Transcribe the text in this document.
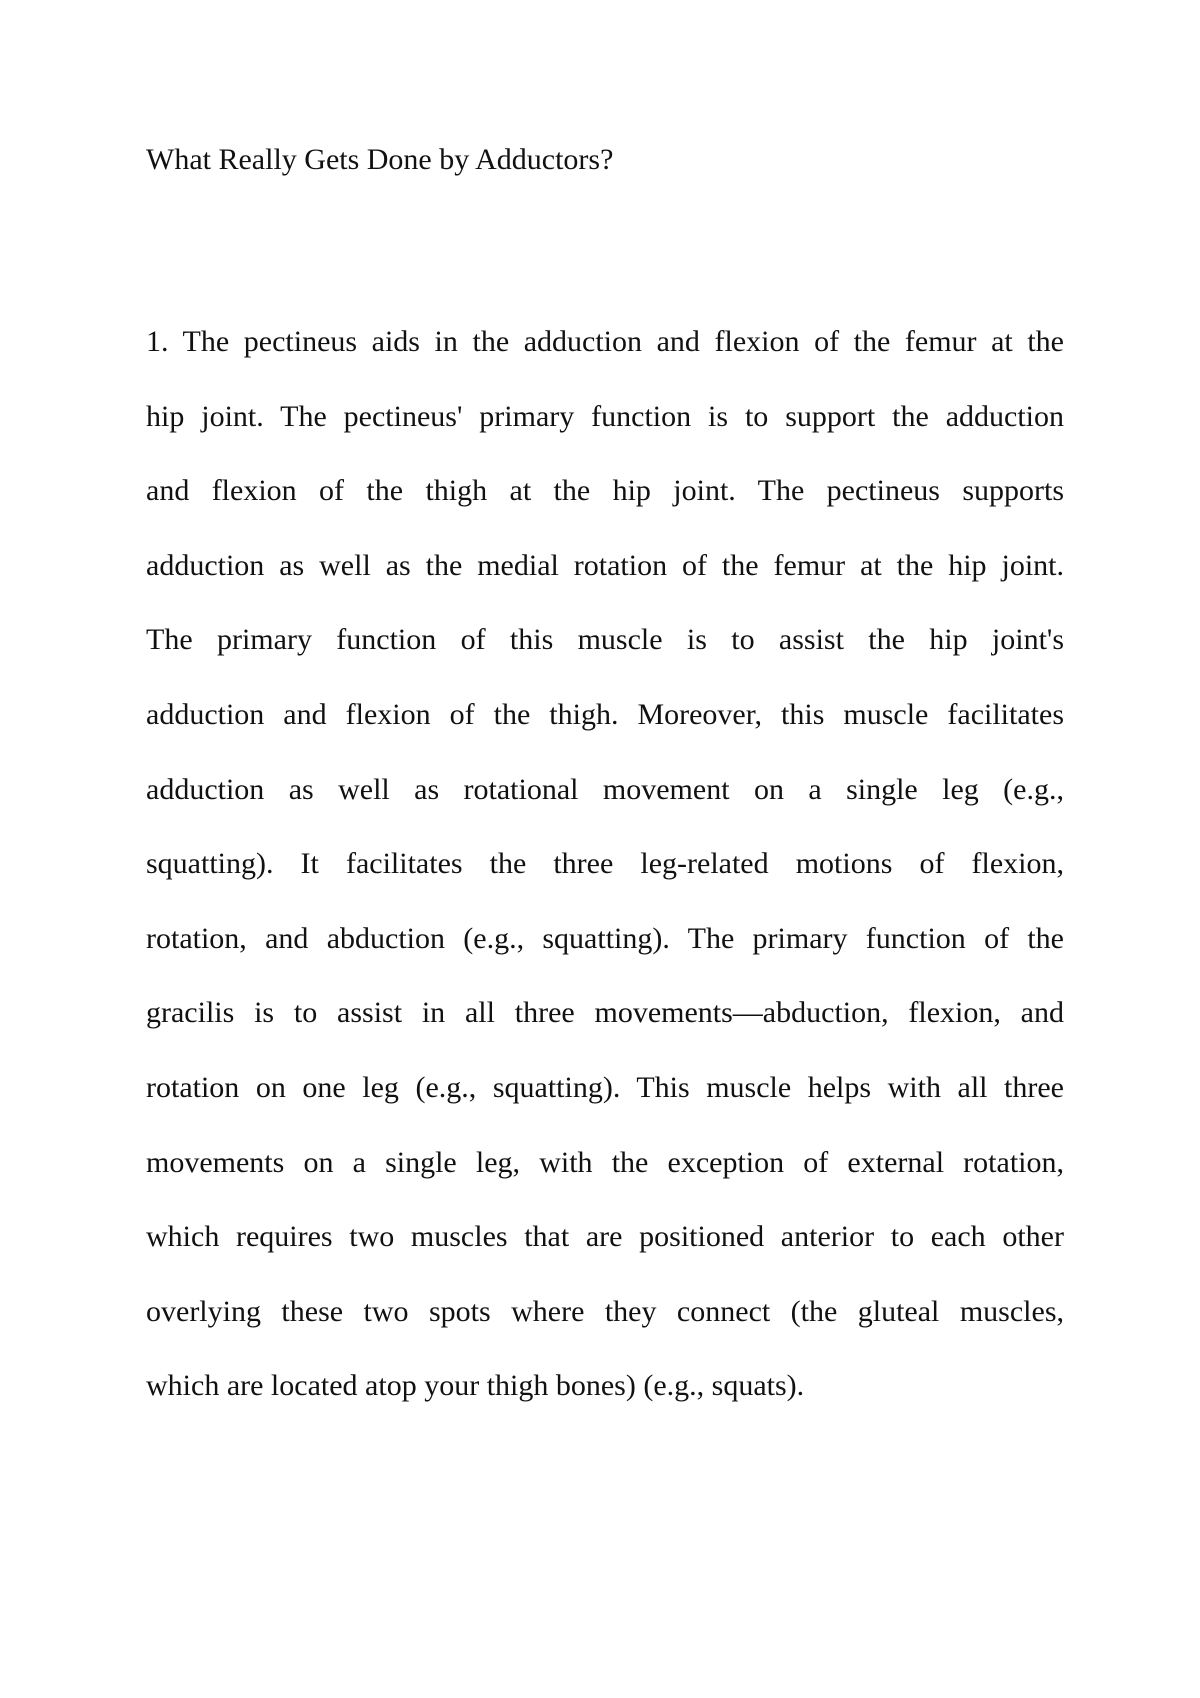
What Really Gets Done by Adductors?
1. The pectineus aids in the adduction and flexion of the femur at the
hip joint. The pectineus' primary function is to support the adduction
and flexion of the thigh at the hip joint. The pectineus supports
adduction as well as the medial rotation of the femur at the hip joint.
The primary function of this muscle is to assist the hip joint's
adduction and flexion of the thigh. Moreover, this muscle facilitates
adduction as well as rotational movement on a single leg (e.g.,
squatting). It facilitates the three leg-related motions of flexion,
rotation, and abduction (e.g., squatting). The primary function of the
gracilis is to assist in all three movements—abduction, flexion, and
rotation on one leg (e.g., squatting). This muscle helps with all three
movements on a single leg, with the exception of external rotation,
which requires two muscles that are positioned anterior to each other
overlying these two spots where they connect (the gluteal muscles,
which are located atop your thigh bones) (e.g., squats).
